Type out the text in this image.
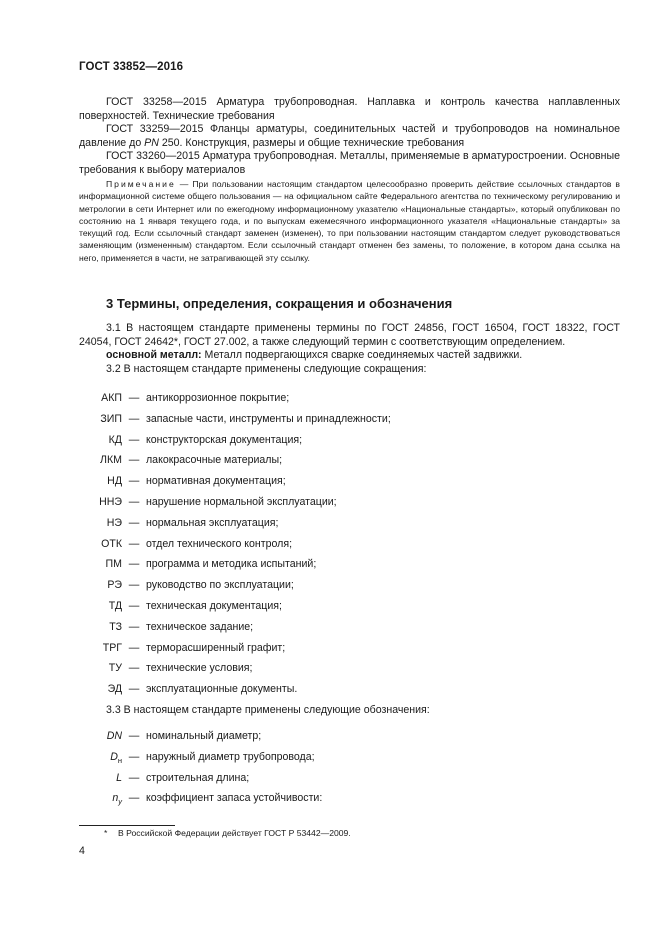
ГОСТ 33852—2016
ГОСТ 33258—2015 Арматура трубопроводная. Наплавка и контроль качества наплавленных поверхностей. Технические требования
ГОСТ 33259—2015 Фланцы арматуры, соединительных частей и трубопроводов на номинальное давление до PN 250. Конструкция, размеры и общие технические требования
ГОСТ 33260—2015 Арматура трубопроводная. Металлы, применяемые в арматуростроении. Основные требования к выбору материалов
Примечание — При пользовании настоящим стандартом целесообразно проверить действие ссылочных стандартов в информационной системе общего пользования — на официальном сайте Федерального агентства по техническому регулированию и метрологии в сети Интернет или по ежегодному информационному указателю «Национальные стандарты», который опубликован по состоянию на 1 января текущего года, и по выпускам ежемесячного информационного указателя «Национальные стандарты» за текущий год. Если ссылочный стандарт заменен (изменен), то при пользовании настоящим стандартом следует руководствоваться заменяющим (измененным) стандартом. Если ссылочный стандарт отменен без замены, то положение, в котором дана ссылка на него, применяется в части, не затрагивающей эту ссылку.
3 Термины, определения, сокращения и обозначения
3.1 В настоящем стандарте применены термины по ГОСТ 24856, ГОСТ 16504, ГОСТ 18322, ГОСТ 24054, ГОСТ 24642*, ГОСТ 27.002, а также следующий термин с соответствующим определением.
основной металл: Металл подвергающихся сварке соединяемых частей задвижки.
3.2 В настоящем стандарте применены следующие сокращения:
АКП — антикоррозионное покрытие;
ЗИП — запасные части, инструменты и принадлежности;
КД — конструкторская документация;
ЛКМ — лакокрасочные материалы;
НД — нормативная документация;
ННЭ — нарушение нормальной эксплуатации;
НЭ — нормальная эксплуатация;
ОТК — отдел технического контроля;
ПМ — программа и методика испытаний;
РЭ — руководство по эксплуатации;
ТД — техническая документация;
ТЗ — техническое задание;
ТРГ — терморасширенный графит;
ТУ — технические условия;
ЭД — эксплуатационные документы.
3.3 В настоящем стандарте применены следующие обозначения:
DN — номинальный диаметр;
$D_н$ — наружный диаметр трубопровода;
L — строительная длина;
$n_y$ — коэффициент запаса устойчивости:
* В Российской Федерации действует ГОСТ Р 53442—2009.
4
